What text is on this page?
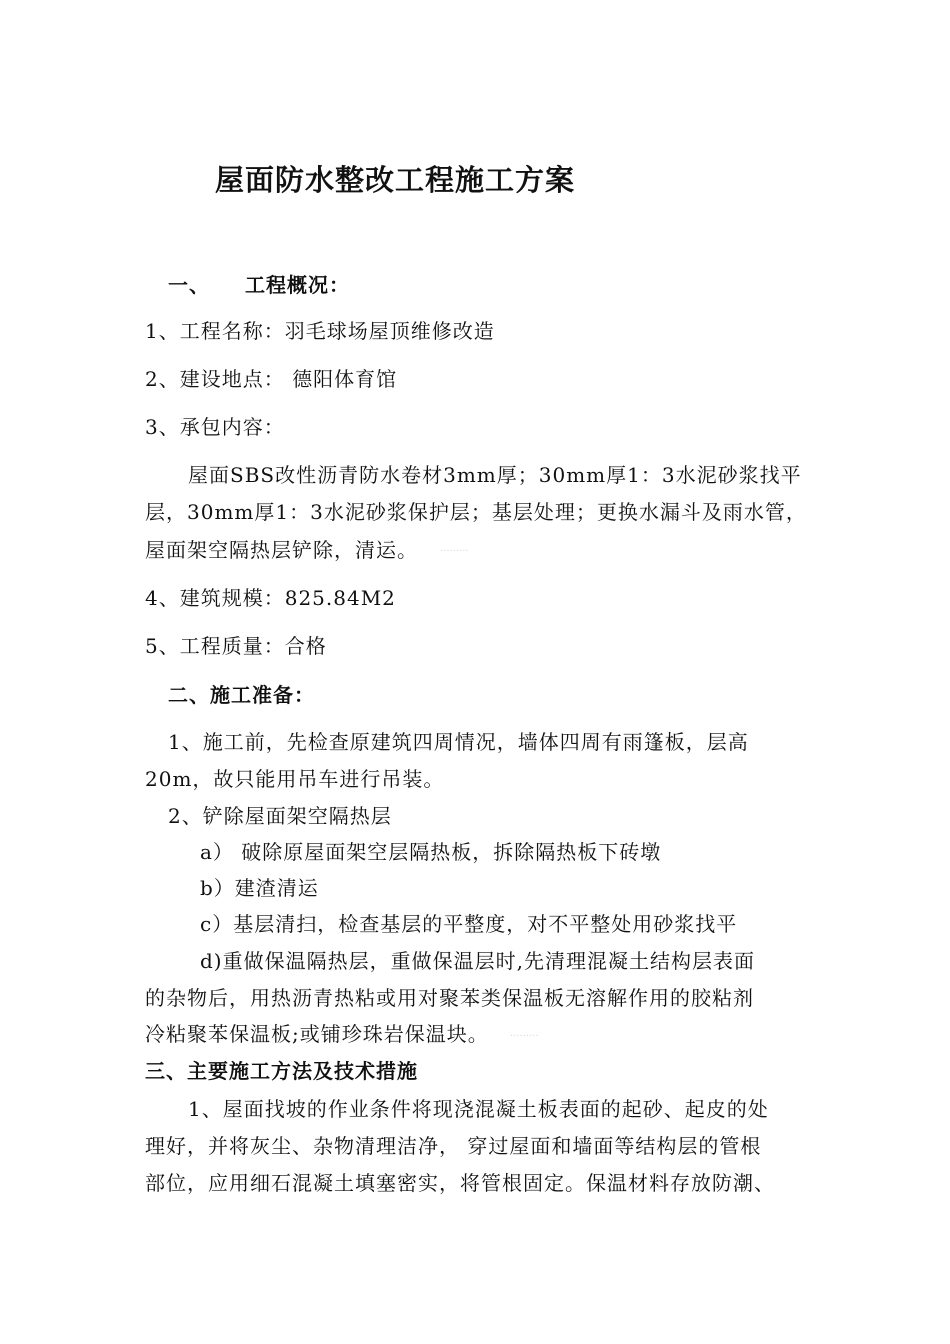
屋面防水整改工程施工方案
一、 工程概况：
1、工程名称：羽毛球场屋顶维修改造
2、建设地点： 德阳体育馆
3、承包内容：
屋面SBS改性沥青防水卷材3mm厚；30mm厚1：3水泥砂浆找平
层，30mm厚1：3水泥砂浆保护层；基层处理；更换水漏斗及雨水管，
屋面架空隔热层铲除，清运。 ·········
4、建筑规模：825.84M2
5、工程质量：合格
二、施工准备：
1、施工前，先检查原建筑四周情况，墙体四周有雨篷板，层高
20m，故只能用吊车进行吊装。
2、铲除屋面架空隔热层
a） 破除原屋面架空层隔热板，拆除隔热板下砖墩
b）建渣清运
c）基层清扫，检查基层的平整度，对不平整处用砂浆找平
d)重做保温隔热层，重做保温层时,先清理混凝土结构层表面
的杂物后，用热沥青热粘或用对聚苯类保温板无溶解作用的胶粘剂
冷粘聚苯保温板;或铺珍珠岩保温块。 ·········
三、主要施工方法及技术措施
1、屋面找坡的作业条件将现浇混凝土板表面的起砂、起皮的处
理好，并将灰尘、杂物清理洁净， 穿过屋面和墙面等结构层的管根
部位，应用细石混凝土填塞密实，将管根固定。保温材料存放防潮、
